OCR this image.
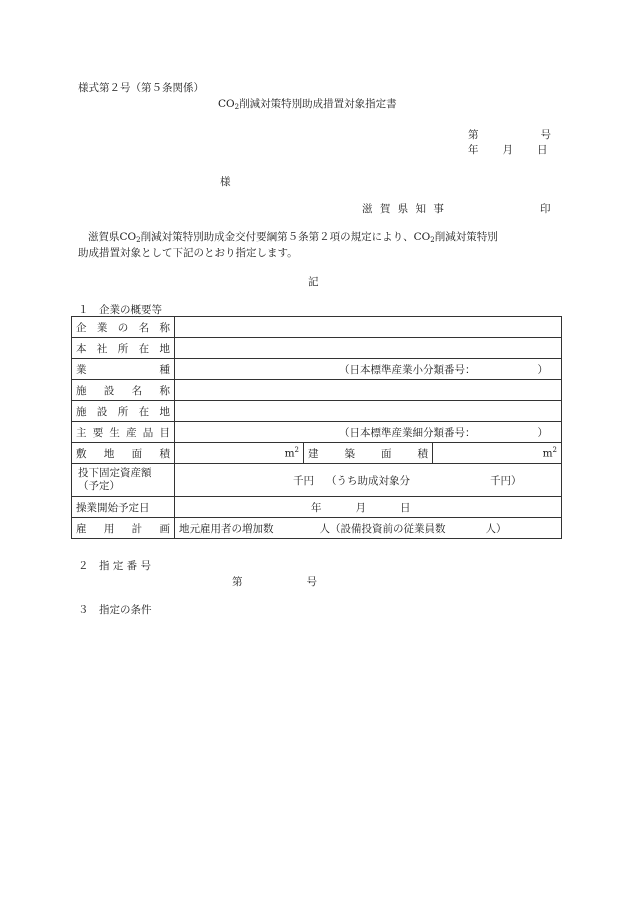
様式第２号（第５条関係）
$CO_2$削減対策特別助成措置対象指定書
第	号
年 月 日
様
滋 賀 県 知 事	印
滋賀県$CO_2$削減対策特別助成金交付要綱第５条第２項の規定により、$CO_2$削減対策特別
助成措置対象として下記のとおり指定します。
記
１　企業の概要等
企業の名称			
本社所在地			
業種	（日本標準産業小分類番号： ）		
施設名称			
施設所在地			
主要生産品目	（日本標準産業細分類番号： ）		
敷地面積	$m^2$	建築面積	$m^2$
投下固定資産額
（予定）	千円 （うち助成対象分 千円）		
操業開始予定日	年 月 日		
雇用計画	地元雇用者の増加数 人（設備投資前の従業員数 人）		
２　指 定 番 号
第	号
３　指定の条件
